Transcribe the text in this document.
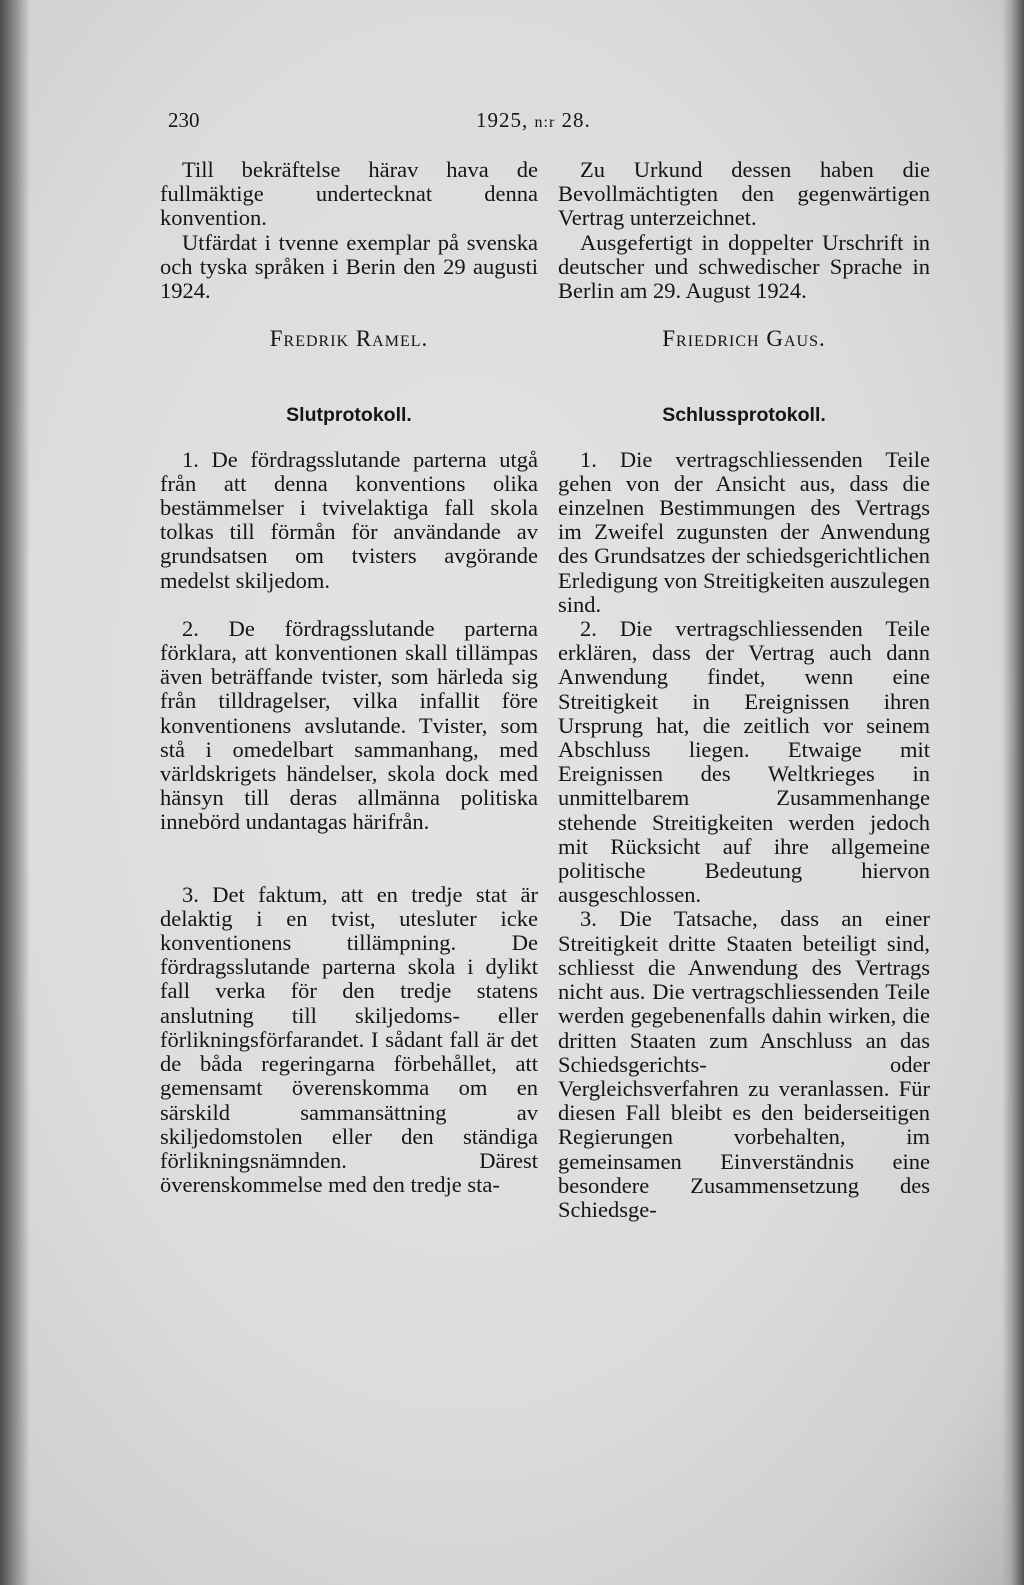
230	1925, n:r 28.

Till bekräftelse härav hava de fullmäktige undertecknat denna konvention.

Utfärdat i tvenne exemplar på svenska och tyska språken i Berin den 29 augusti 1924.

Fredrik Ramel.
Slutprotokoll.

1. De fördragsslutande parterna utgå från att denna konventions olika bestämmelser i tvivelaktiga fall skola tolkas till förmån för användande av grundsatsen om tvisters avgörande medelst skiljedom.

2. De fördragsslutande parterna förklara, att konventionen skall tillämpas även beträffande tvister, som härleda sig från tilldragelser, vilka infallit före konventionens avslutande. Tvister, som stå i omedelbart sammanhang, med världskrigets händelser, skola dock med hänsyn till deras allmänna politiska innebörd undantagas härifrån.

3. Det faktum, att en tredje stat är delaktig i en tvist, utesluter icke konventionens tillämpning. De fördragsslutande parterna skola i dylikt fall verka för den tredje statens anslutning till skiljedoms- eller förlikningsförfarandet. I sådant fall är det de båda regeringarna förbehållet, att gemensamt överenskomma om en särskild sammansättning av skiljedomstolen eller den ständiga förlikningsnämnden. Därest överenskommelse med den tredje sta-

Zu Urkund dessen haben die Bevollmächtigten den gegenwärtigen Vertrag unterzeichnet.

Ausgefertigt in doppelter Urschrift in deutscher und schwedischer Sprache in Berlin am 29. August 1924.

Friedrich Gaus.
Schlussprotokoll.

1. Die vertragschliessenden Teile gehen von der Ansicht aus, dass die einzelnen Bestimmungen des Vertrags im Zweifel zugunsten der Anwendung des Grundsatzes der schiedsgerichtlichen Erledigung von Streitigkeiten auszulegen sind.

2. Die vertragschliessenden Teile erklären, dass der Vertrag auch dann Anwendung findet, wenn eine Streitigkeit in Ereignissen ihren Ursprung hat, die zeitlich vor seinem Abschluss liegen. Etwaige mit Ereignissen des Weltkrieges in unmittelbarem Zusammenhange stehende Streitigkeiten werden jedoch mit Rücksicht auf ihre allgemeine politische Bedeutung hiervon ausgeschlossen.

3. Die Tatsache, dass an einer Streitigkeit dritte Staaten beteiligt sind, schliesst die Anwendung des Vertrags nicht aus. Die vertragschliessenden Teile werden gegebenenfalls dahin wirken, die dritten Staaten zum Anschluss an das Schiedsgerichts- oder Vergleichsverfahren zu veranlassen. Für diesen Fall bleibt es den beiderseitigen Regierungen vorbehalten, im gemeinsamen Einverständnis eine besondere Zusammensetzung des Schiedsge-
